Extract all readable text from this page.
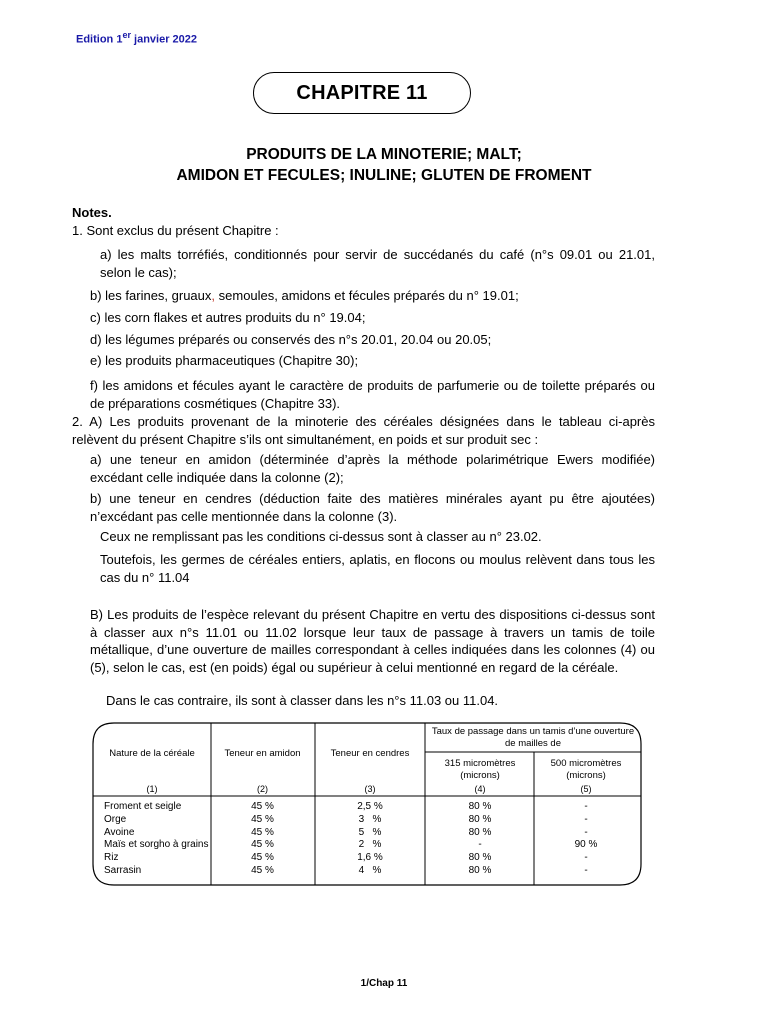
Edition 1er janvier 2022
CHAPITRE 11
PRODUITS DE LA MINOTERIE; MALT;
AMIDON ET FECULES; INULINE; GLUTEN DE FROMENT
Notes.
1. Sont exclus du présent Chapitre :
a) les malts torréfiés, conditionnés pour servir de succédanés du café (n°s 09.01 ou 21.01, selon le cas);
b) les farines, gruaux, semoules, amidons et fécules préparés du n° 19.01;
c) les corn flakes et autres produits du n° 19.04;
d) les légumes préparés ou conservés des n°s 20.01, 20.04 ou 20.05;
e) les produits pharmaceutiques (Chapitre 30);
f) les amidons et fécules ayant le caractère de produits de parfumerie ou de toilette préparés ou de préparations cosmétiques (Chapitre 33).
2. A) Les produits provenant de la minoterie des céréales désignées dans le tableau ci-après relèvent du présent Chapitre s’ils ont simultanément, en poids et sur produit sec :
a) une teneur en amidon (déterminée d’après la méthode polarimétrique Ewers modifiée) excédant celle indiquée dans la colonne (2);
b) une teneur en cendres (déduction faite des matières minérales ayant pu être ajoutées) n’excédant pas celle mentionnée dans la colonne (3).
Ceux ne remplissant pas les conditions ci-dessus sont à classer au n° 23.02.
Toutefois, les germes de céréales entiers, aplatis, en flocons ou moulus relèvent dans tous les cas du n° 11.04
B) Les produits de l’espèce relevant du présent Chapitre en vertu des dispositions ci-dessus sont à classer aux n°s 11.01 ou 11.02 lorsque leur taux de passage à travers un tamis de toile métallique, d’une ouverture de mailles correspondant à celles indiquées dans les colonnes (4) ou (5), selon le cas, est (en poids) égal ou supérieur à celui mentionné en regard de la céréale.
Dans le cas contraire, ils sont à classer dans les n°s 11.03 ou 11.04.
Nature de la céréale	Teneur en amidon	Teneur en cendres
Taux de passage dans un tamis d’une ouverture de mailles de
315 micromètres (microns)
500 micromètres (microns)
(1)	(2)	(3)	(4)	(5)
Froment et seigle	45 %	2,5 %	80 %	-
Orge	45 %	3   %	80 %	-
Avoine	45 %	5   %	80 %	-
Maïs et sorgho à grains	45 %	2   %	-	90 %
Riz	45 %	1,6 %	80 %	-
Sarrasin	45 %	4   %	80 %	-
1/Chap 11
